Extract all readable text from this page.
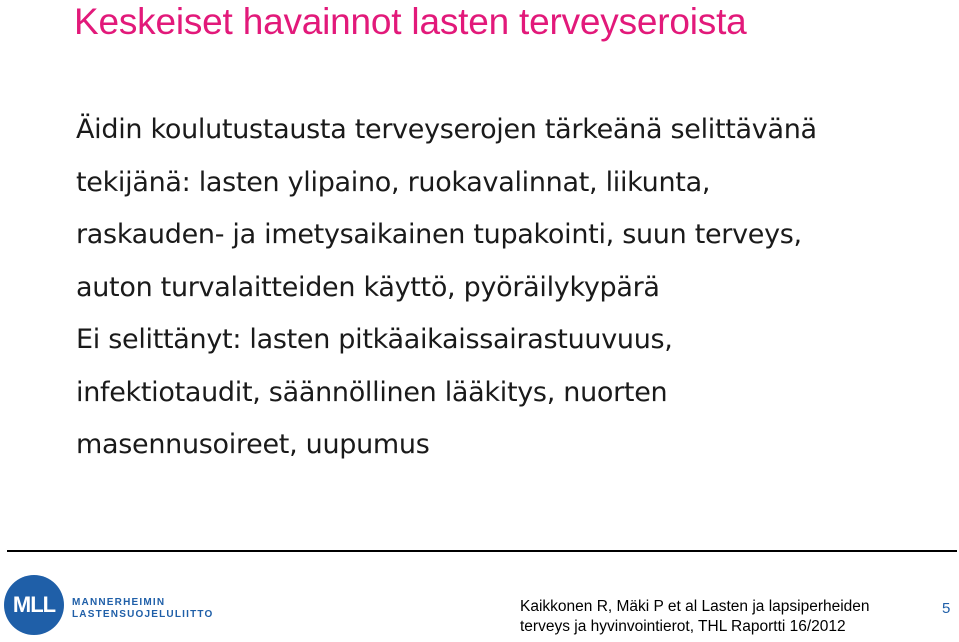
Keskeiset havainnot lasten terveyseroista
Äidin koulutustausta terveyserojen tärkeänä selittävänä
tekijänä: lasten ylipaino, ruokavalinnat, liikunta,
raskauden- ja imetysaikainen tupakointi, suun terveys,
auton turvalaitteiden käyttö, pyöräilykypärä
Ei selittänyt: lasten pitkäaikaissairastuuvuus,
infektiotaudit, säännöllinen lääkitys, nuorten
masennusoireet, uupumus
MLL MANNERHEIMIN
LASTENSUOJELULIITTO	Kaikkonen R, Mäki P et al Lasten ja lapsiperheiden
terveys ja hyvinvointierot, THL Raportti 16/2012
5
